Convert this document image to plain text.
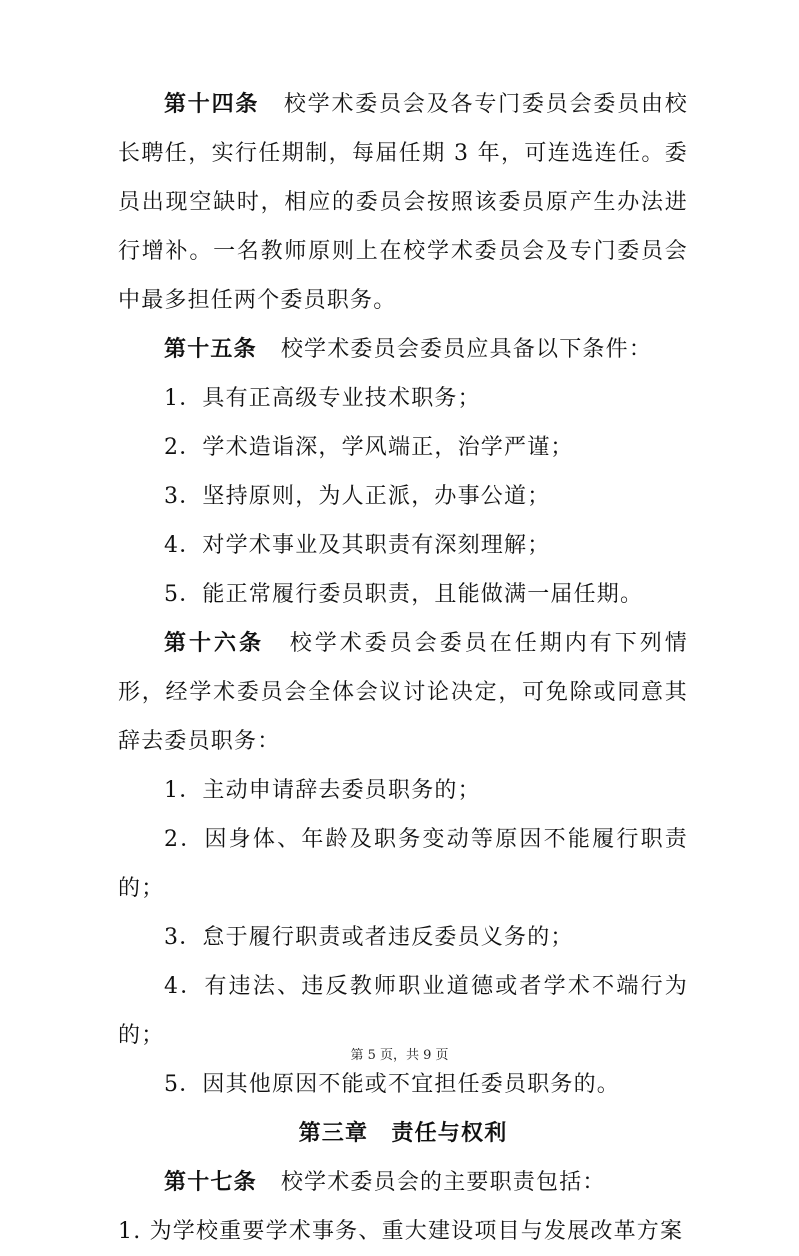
第十四条 校学术委员会及各专门委员会委员由校长聘任，实行任期制，每届任期 3 年，可连选连任。委员出现空缺时，相应的委员会按照该委员原产生办法进行增补。一名教师原则上在校学术委员会及专门委员会中最多担任两个委员职务。

第十五条 校学术委员会委员应具备以下条件：

1．具有正高级专业技术职务；

2．学术造诣深，学风端正，治学严谨；

3．坚持原则，为人正派，办事公道；

4．对学术事业及其职责有深刻理解；

5．能正常履行委员职责，且能做满一届任期。

第十六条 校学术委员会委员在任期内有下列情形，经学术委员会全体会议讨论决定，可免除或同意其辞去委员职务：

1．主动申请辞去委员职务的；

2．因身体、年龄及职务变动等原因不能履行职责的；

3．怠于履行职责或者违反委员义务的；

4．有违法、违反教师职业道德或者学术不端行为的；

5．因其他原因不能或不宜担任委员职务的。

第三章　责任与权利

第十七条 校学术委员会的主要职责包括：

1. 为学校重要学术事务、重大建设项目与发展改革方案

第 5 页，共 9 页
